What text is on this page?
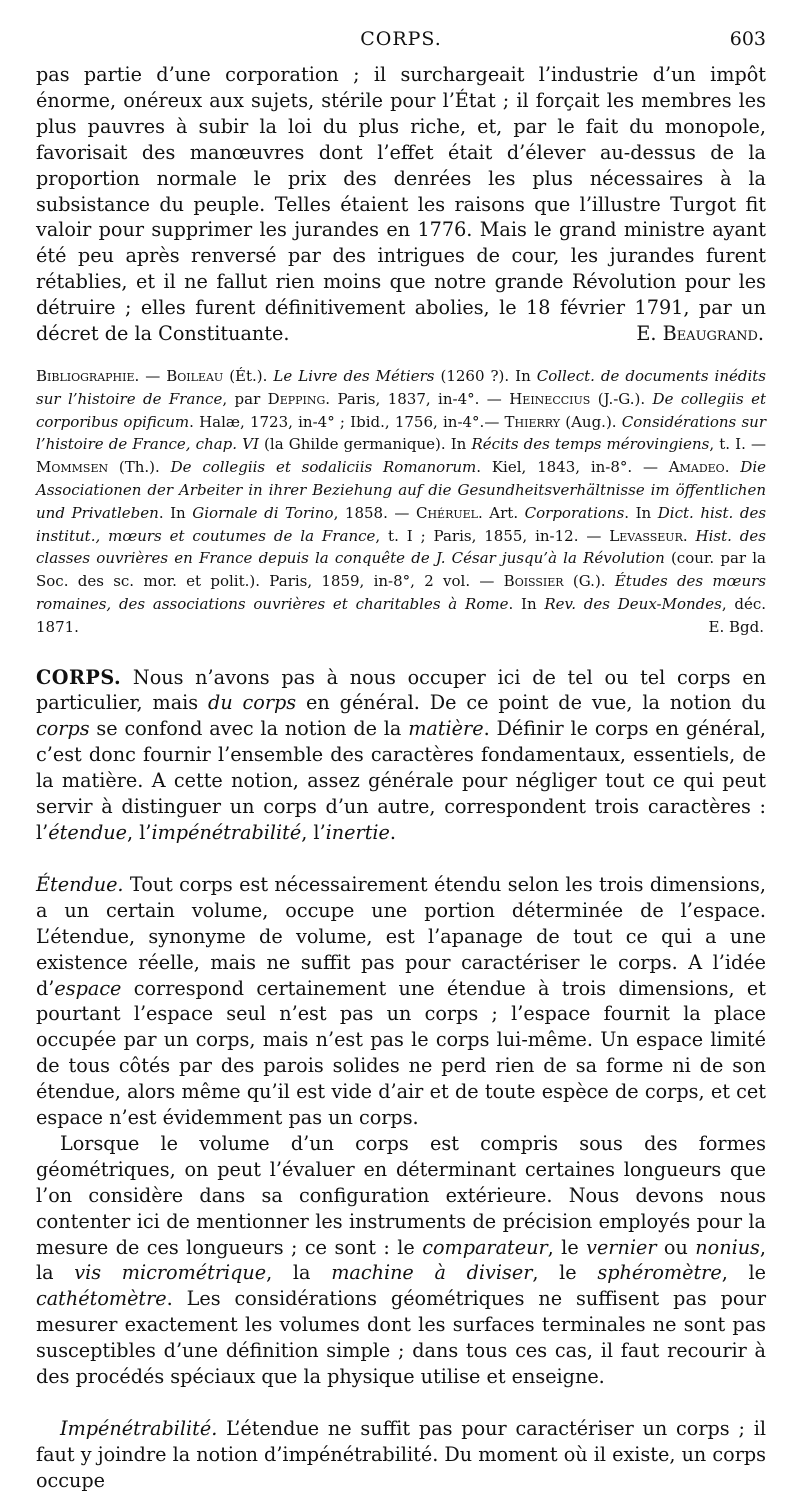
CORPS.	603

pas partie d’une corporation ; il surchargeait l’industrie d’un impôt énorme, onéreux aux sujets, stérile pour l’État ; il forçait les membres les plus pauvres à subir la loi du plus riche, et, par le fait du monopole, favorisait des manœuvres dont l’effet était d’élever au-dessus de la proportion normale le prix des denrées les plus nécessaires à la subsistance du peuple. Telles étaient les raisons que l’illustre Turgot fit valoir pour supprimer les jurandes en 1776. Mais le grand ministre ayant été peu après renversé par des intrigues de cour, les jurandes furent rétablies, et il ne fallut rien moins que notre grande Révolution pour les détruire ; elles furent définitivement abolies, le 18 février 1791, par un décret de la Constituante.	E. Beaugrand.

Bibliographie. — Boileau (Ét.). Le Livre des Métiers (1260 ?). In Collect. de documents inédits sur l’histoire de France, par Depping. Paris, 1837, in-4°. — Heineccius (J.-G.). De collegiis et corporibus opificum. Halæ, 1723, in-4° ; Ibid., 1756, in-4°.— Thierry (Aug.). Considérations sur l’histoire de France, chap. VI (la Ghilde germanique). In Récits des temps mérovingiens, t. I. — Mommsen (Th.). De collegiis et sodaliciis Romanorum. Kiel, 1843, in-8°. — Amadeo. Die Associationen der Arbeiter in ihrer Beziehung auf die Gesundheitsverhältnisse im öffentlichen und Privatleben. In Giornale di Torino, 1858. — Chéruel. Art. Corporations. In Dict. hist. des institut., mœurs et coutumes de la France, t. I ; Paris, 1855, in-12. — Levasseur. Hist. des classes ouvrières en France depuis la conquête de J. César jusqu’à la Révolution (cour. par la Soc. des sc. mor. et polit.). Paris, 1859, in-8°, 2 vol. — Boissier (G.). Études des mœurs romaines, des associations ouvrières et charitables à Rome. In Rev. des Deux-Mondes, déc. 1871.	E. Bgd.

CORPS. Nous n’avons pas à nous occuper ici de tel ou tel corps en particulier, mais du corps en général. De ce point de vue, la notion du corps se confond avec la notion de la matière. Définir le corps en général, c’est donc fournir l’ensemble des caractères fondamentaux, essentiels, de la matière. A cette notion, assez générale pour négliger tout ce qui peut servir à distinguer un corps d’un autre, correspondent trois caractères : l’étendue, l’impénétrabilité, l’inertie.

Étendue. Tout corps est nécessairement étendu selon les trois dimensions, a un certain volume, occupe une portion déterminée de l’espace. L’étendue, synonyme de volume, est l’apanage de tout ce qui a une existence réelle, mais ne suffit pas pour caractériser le corps. A l’idée d’espace correspond certainement une étendue à trois dimensions, et pourtant l’espace seul n’est pas un corps ; l’espace fournit la place occupée par un corps, mais n’est pas le corps lui-même. Un espace limité de tous côtés par des parois solides ne perd rien de sa forme ni de son étendue, alors même qu’il est vide d’air et de toute espèce de corps, et cet espace n’est évidemment pas un corps.

Lorsque le volume d’un corps est compris sous des formes géométriques, on peut l’évaluer en déterminant certaines longueurs que l’on considère dans sa configuration extérieure. Nous devons nous contenter ici de mentionner les instruments de précision employés pour la mesure de ces longueurs ; ce sont : le comparateur, le vernier ou nonius, la vis micrométrique, la machine à diviser, le sphéromètre, le cathétomètre. Les considérations géométriques ne suffisent pas pour mesurer exactement les volumes dont les surfaces terminales ne sont pas susceptibles d’une définition simple ; dans tous ces cas, il faut recourir à des procédés spéciaux que la physique utilise et enseigne.

Impénétrabilité. L’étendue ne suffit pas pour caractériser un corps ; il faut y joindre la notion d’impénétrabilité. Du moment où il existe, un corps occupe
